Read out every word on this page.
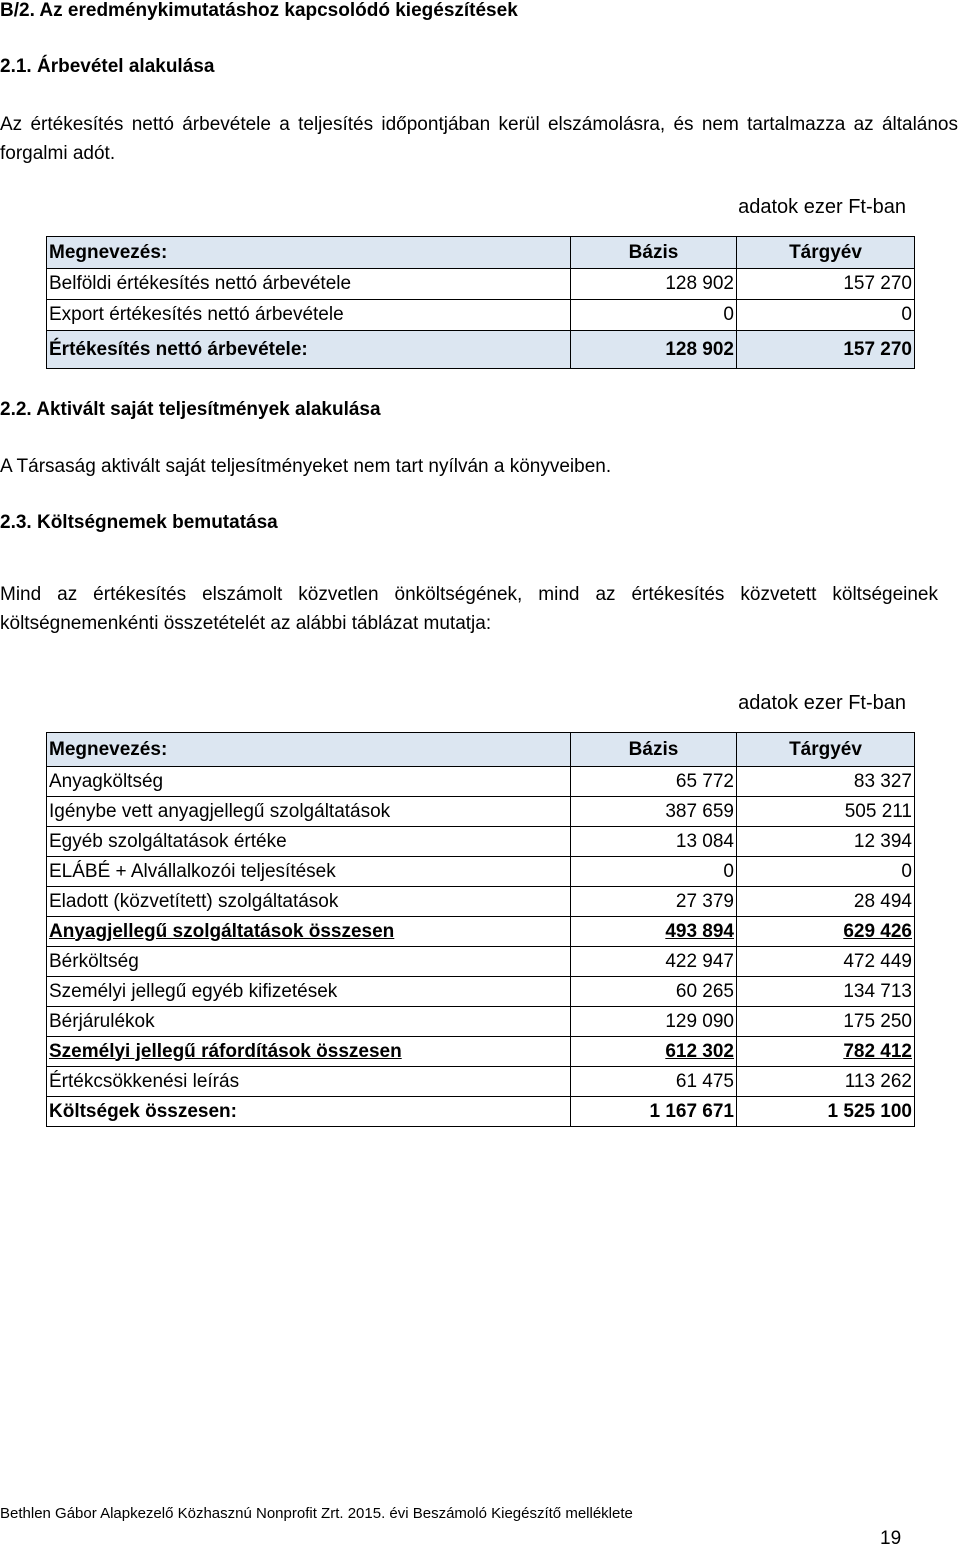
B/2. Az eredménykimutatáshoz kapcsolódó kiegészítések
2.1. Árbevétel alakulása
Az értékesítés nettó árbevétele a teljesítés időpontjában kerül elszámolásra, és nem tartalmazza az általános forgalmi adót.
adatok ezer Ft-ban
Megnevezés:	Bázis	Tárgyév
Belföldi értékesítés nettó árbevétele	128 902	157 270
Export értékesítés nettó árbevétele	0	0
Értékesítés nettó árbevétele:	128 902	157 270
2.2. Aktivált saját teljesítmények alakulása
A Társaság aktivált saját teljesítményeket nem tart nyílván a könyveiben.
2.3. Költségnemek bemutatása
Mind az értékesítés elszámolt közvetlen önköltségének, mind az értékesítés közvetett költségeinek költségnemenkénti összetételét az alábbi táblázat mutatja:
adatok ezer Ft-ban
Megnevezés:	Bázis	Tárgyév
Anyagköltség	65 772	83 327
Igénybe vett anyagjellegű szolgáltatások	387 659	505 211
Egyéb szolgáltatások értéke	13 084	12 394
ELÁBÉ + Alvállalkozói teljesítések	0	0
Eladott (közvetített) szolgáltatások	27 379	28 494
Anyagjellegű szolgáltatások összesen	493 894	629 426
Bérköltség	422 947	472 449
Személyi jellegű egyéb kifizetések	60 265	134 713
Bérjárulékok	129 090	175 250
Személyi jellegű ráfordítások összesen	612 302	782 412
Értékcsökkenési leírás	61 475	113 262
Költségek összesen:	1 167 671	1 525 100
Bethlen Gábor Alapkezelő Közhasznú Nonprofit Zrt. 2015. évi Beszámoló Kiegészítő melléklete
19
